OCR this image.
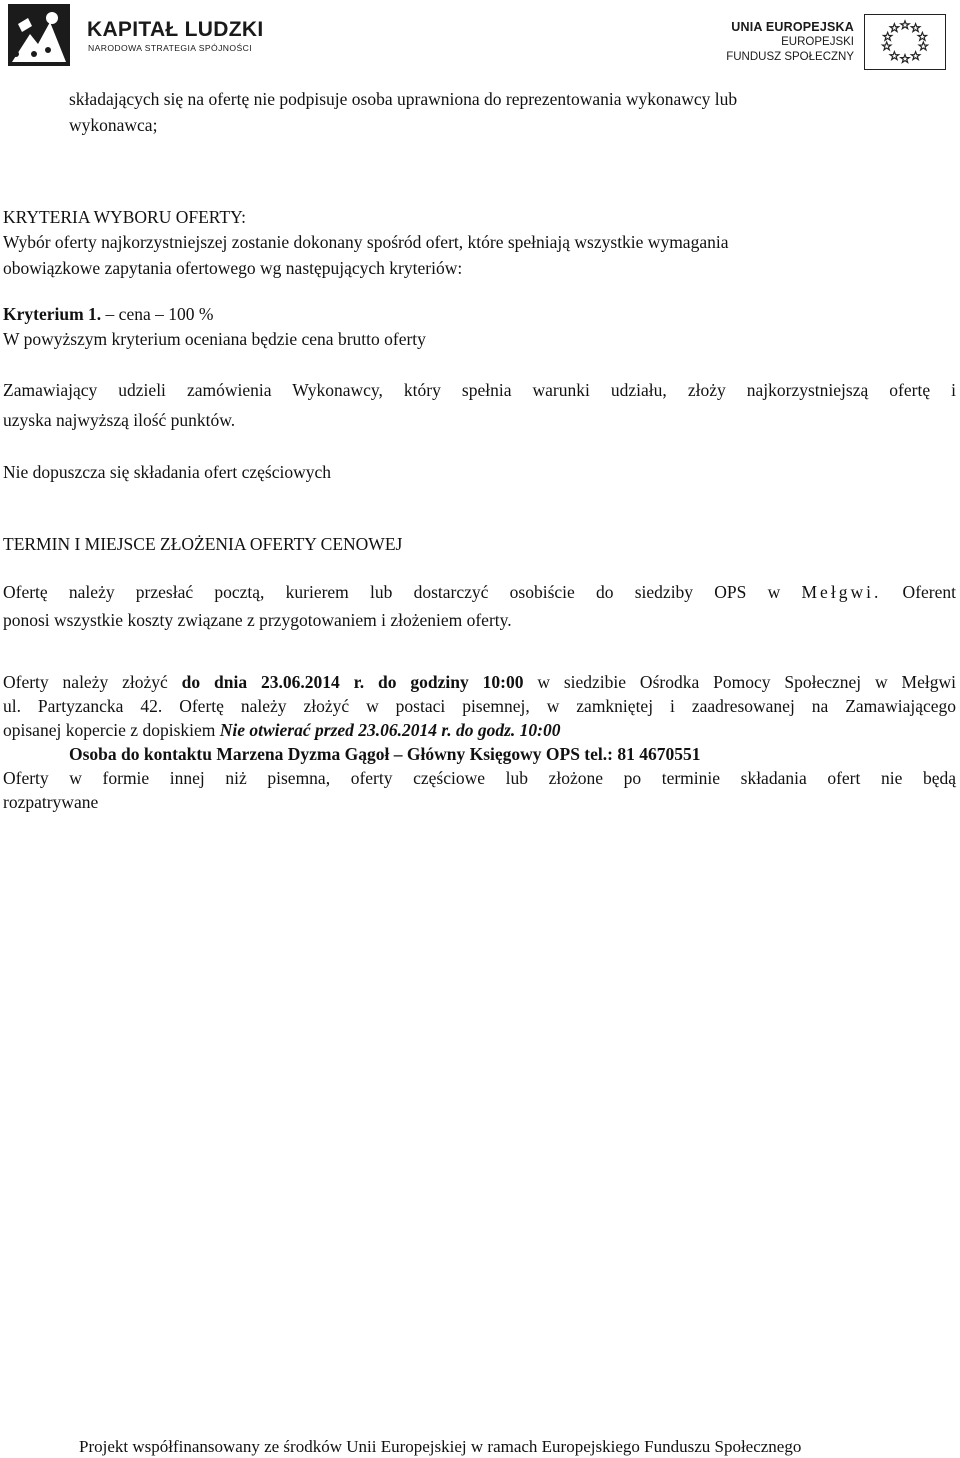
KAPITAŁ LUDZKI
NARODOWA STRATEGIA SPÓJNOŚCI
UNIA EUROPEJSKA
EUROPEJSKI
FUNDUSZ SPOŁECZNY
składających się na ofertę nie podpisuje osoba uprawniona do reprezentowania wykonawcy lub
wykonawca;
KRYTERIA WYBORU OFERTY:
Wybór oferty najkorzystniejszej zostanie dokonany spośród ofert, które spełniają wszystkie wymagania
obowiązkowe zapytania ofertowego wg następujących kryteriów:
Kryterium 1. – cena – 100 %
W powyższym kryterium oceniana będzie cena brutto oferty
Zamawiający udzieli zamówienia Wykonawcy, który spełnia warunki udziału, złoży najkorzystniejszą ofertę i
uzyska najwyższą ilość punktów.
Nie dopuszcza się składania ofert częściowych
TERMIN I MIEJSCE ZŁOŻENIA OFERTY CENOWEJ
Ofertę należy przesłać pocztą, kurierem lub dostarczyć osobiście do siedziby OPS w Mełgwi. Oferent
ponosi wszystkie koszty związane z przygotowaniem i złożeniem oferty.
Oferty należy złożyć do dnia 23.06.2014 r. do godziny 10:00 w siedzibie Ośrodka Pomocy Społecznej w Mełgwi
ul. Partyzancka 42. Ofertę należy złożyć w postaci pisemnej, w zamkniętej i zaadresowanej na Zamawiającego
opisanej kopercie z dopiskiem Nie otwierać przed 23.06.2014 r. do godz. 10:00
Osoba do kontaktu Marzena Dyzma Gągoł – Główny Księgowy OPS tel.: 81 4670551
Oferty w formie innej niż pisemna, oferty częściowe lub złożone po terminie składania ofert nie będą
rozpatrywane
Projekt współfinansowany ze środków Unii Europejskiej w ramach Europejskiego Funduszu Społecznego
